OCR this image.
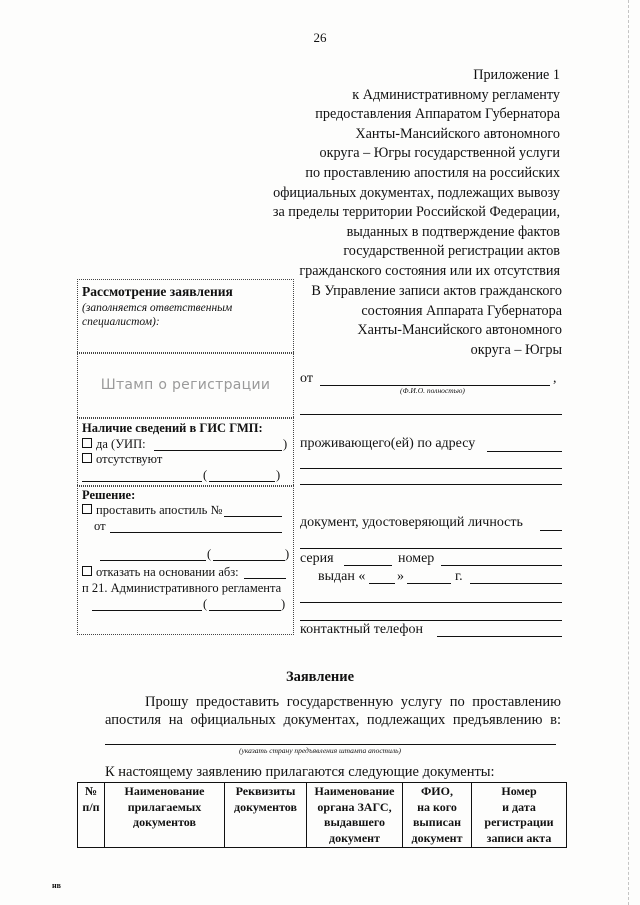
26
Приложение 1
к Административному регламенту
предоставления Аппаратом Губернатора
Ханты-Мансийского автономного
округа – Югры государственной услуги
по проставлению апостиля на российских
официальных документах, подлежащих вывозу
за пределы территории Российской Федерации,
выданных в подтверждение фактов
государственной регистрации актов
гражданского состояния или их отсутствия
Рассмотрение заявления
(заполняется ответственным
специалистом):
Штамп о регистрации
Наличие сведений в ГИС ГМП:
да (УИП:	)
отсутствуют
(	)
Решение:
проставить апостиль №
от
(	)
отказать на основании абз:
п 21. Административного регламента
(	)
В Управление записи актов гражданского
состояния Аппарата Губернатора
Ханты-Мансийского автономного
округа – Югры
от	,
(Ф.И.О. полностью)
проживающего(ей) по адресу
документ, удостоверяющий личность
серия	номер
выдан « »	г.
контактный телефон
Заявление
Прошу предоставить государственную услугу по проставлению
апостиля на официальных документах, подлежащих предъявлению в:
(указать страну предъявления штампа апостиль)
К настоящему заявлению прилагаются следующие документы:
№
п/п

Наименование
прилагаемых
документов

Реквизиты
документов

Наименование
органа ЗАГС,
выдавшего
документ

ФИО,
на кого
выписан
документ

Номер
и дата
регистрации
записи акта
нв
